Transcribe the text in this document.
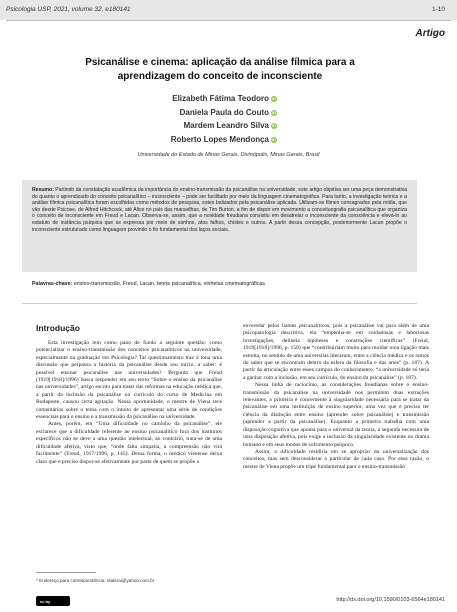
Psicologia USP, 2021, volume 32, e180141	1-10
Artigo
Psicanálise e cinema: aplicação da análise fílmica para a aprendizagem do conceito de inconsciente
Elizabeth Fátima Teodoro iD
Daniela Paula do Couto iD
Mardem Leandro Silva iD
Roberto Lopes Mendonça iD
Universidade do Estado de Minas Gerais, Divinópolis, Minas Gerais, Brasil
Resumo: Partindo da constatação acadêmica da importância do ensino-transmissão da psicanálise na universidade, este artigo objetiva ser uma peça demonstrativa do quanto o aprendizado do conceito psicanalítico – inconsciente – pode ser facilitado por meio da linguagem cinematográfica. Para tanto, a investigação teórica e a análise fílmica psicanalítica foram escolhidas como métodos de pesquisa, estes balizados pela psicanálise aplicada. Utilizam-se filmes consagrados pela mídia, que vão desde Psicose, de Alfred Hitchcock, até Alice no país das maravilhas, de Tim Burton, a fim de dispor em movimento a conceituografia psicanalítica que organiza o conceito de inconsciente em Freud e Lacan. Observa-se, assim, que a novidade freudiana consistiu em desatrelar o inconsciente da consciência e elevá-lo ao estatuto de instância psíquica que se expressa por meio de sonhos, atos falhos, chistes e outros. A partir dessa concepção, posteriormente Lacan propõe o inconsciente estruturado como linguagem provindo o fio fundamental dos laços sociais.
Palavras-chave: ensino-transmissão, Freud, Lacan, teoria psicanalítica, vinhetas cinematográficas.
Introdução

Esta investigação tem como pano de fundo a seguinte questão: como potencializar o ensino-transmissão dos conceitos psicanalíticos na universidade, especialmente na graduação em Psicologia? Tal questionamento traz à tona uma discussão que perpassa a história da psicanálise desde seu início, a saber: é possível ensinar psicanálise nas universidades? Pergunta que Freud (1919[1918]/1996) busca responder em seu texto “Sobre o ensino da psicanálise nas universidades”, artigo escrito para tratar das reformas na educação médica que, a partir da inclusão da psicanálise no currículo do curso de Medicina em Budapeste, causou certa agitação. Nessa oportunidade, o mestre de Viena tece comentários sobre o tema com o intuito de apresentar uma série de condições essenciais para o ensino e a transmissão da psicanálise na universidade.

Antes, porém, em “Uma dificuldade no caminho da psicanálise”, ele esclarece que a dificuldade referente ao ensino psicanalítico fora dos institutos específicos não se deve a uma questão intelectual, ao contrário, trata-se de uma dificuldade afetiva, visto que, “onde falta simpatia, a compreensão não virá facilmente” (Freud, 1917/1996, p. 145). Dessa forma, o médico vienense deixa claro que é preciso dispor-se afetivamente por parte de quem se propõe a

enveredar pelos liames psicanalíticos, pois a psicanálise vai para além de uma psicopatologia descritiva, ela “empenha-se em cuidadosas e laboriosas investigações, delineia hipóteses e construções científicas” (Freud, 1919[1918]/1996, p. 150) que “contribuiriam muito para moldar uma ligação mais estreita, no sentido de uma universitas literarum, entre a ciência médica e os ramos do saber que se encontram dentro da esfera da filosofia e das artes” (p. 187). A partir da articulação entre esses campos do conhecimento, “a universidade só teria a ganhar com a inclusão, em seu currículo, do ensino da psicanálise” (p. 187).

Nessa linha de raciocínio, as considerações freudianas sobre o ensino-transmissão da psicanálise na universidade nos permitem duas extrações relevantes, a primeira é concernente à singularidade necessária para se tratar da psicanálise em uma instituição de ensino superior, uma vez que é preciso ter ciência da distinção entre ensino (aprender sobre psicanálise) e transmissão (aprender a partir da psicanálise). Enquanto a primeira trabalha com uma disposição cognitiva que aponta para o universal da teoria, a segunda necessita de uma disposição afetiva, pois exige a inclusão da singularidade existente no drama humano e em seus modos de sofrimento psíquico.

Assim, a dificuldade residiria em se apropriar da universalização dos conceitos, mas sem desconsiderar o particular de cada caso. Por essa razão, o mestre de Viena propõe um tripé fundamental para o ensino-transmissão

* Endereço para correspondência: elaktrai@yahoo.com.br
cc by	http://dx.doi.org/10.1590/0103-6564e180141
